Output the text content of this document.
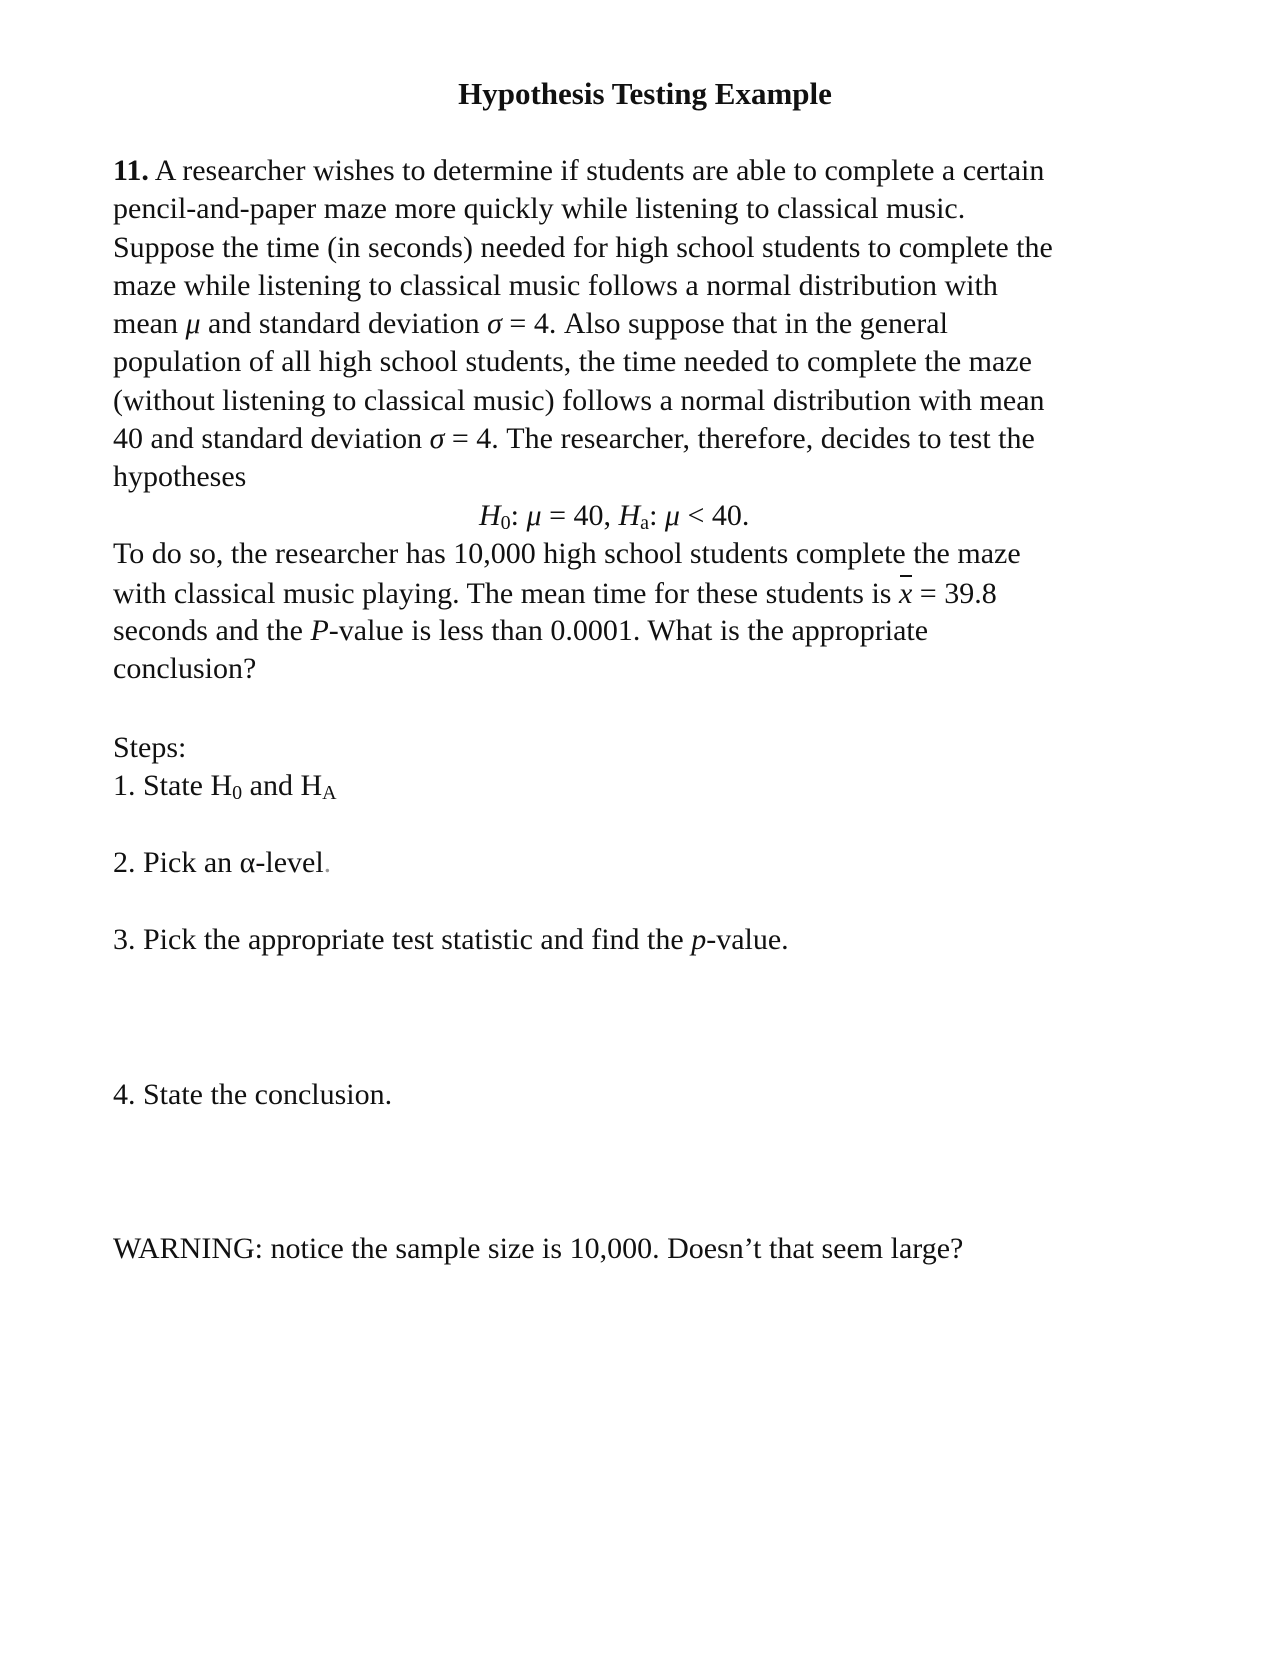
Hypothesis Testing Example
11. A researcher wishes to determine if students are able to complete a certain
pencil-and-paper maze more quickly while listening to classical music.
Suppose the time (in seconds) needed for high school students to complete the
maze while listening to classical music follows a normal distribution with
mean μ and standard deviation σ = 4. Also suppose that in the general
population of all high school students, the time needed to complete the maze
(without listening to classical music) follows a normal distribution with mean
40 and standard deviation σ = 4. The researcher, therefore, decides to test the
hypotheses
$H_0$: μ = 40, $H_a$: μ < 40.
To do so, the researcher has 10,000 high school students complete the maze
with classical music playing. The mean time for these students is x = 39.8
seconds and the P-value is less than 0.0001. What is the appropriate
conclusion?
Steps:
1. State $H_0$ and $H_A$
2. Pick an α-level.
3. Pick the appropriate test statistic and find the p-value.
4. State the conclusion.
WARNING: notice the sample size is 10,000. Doesn’t that seem large?
